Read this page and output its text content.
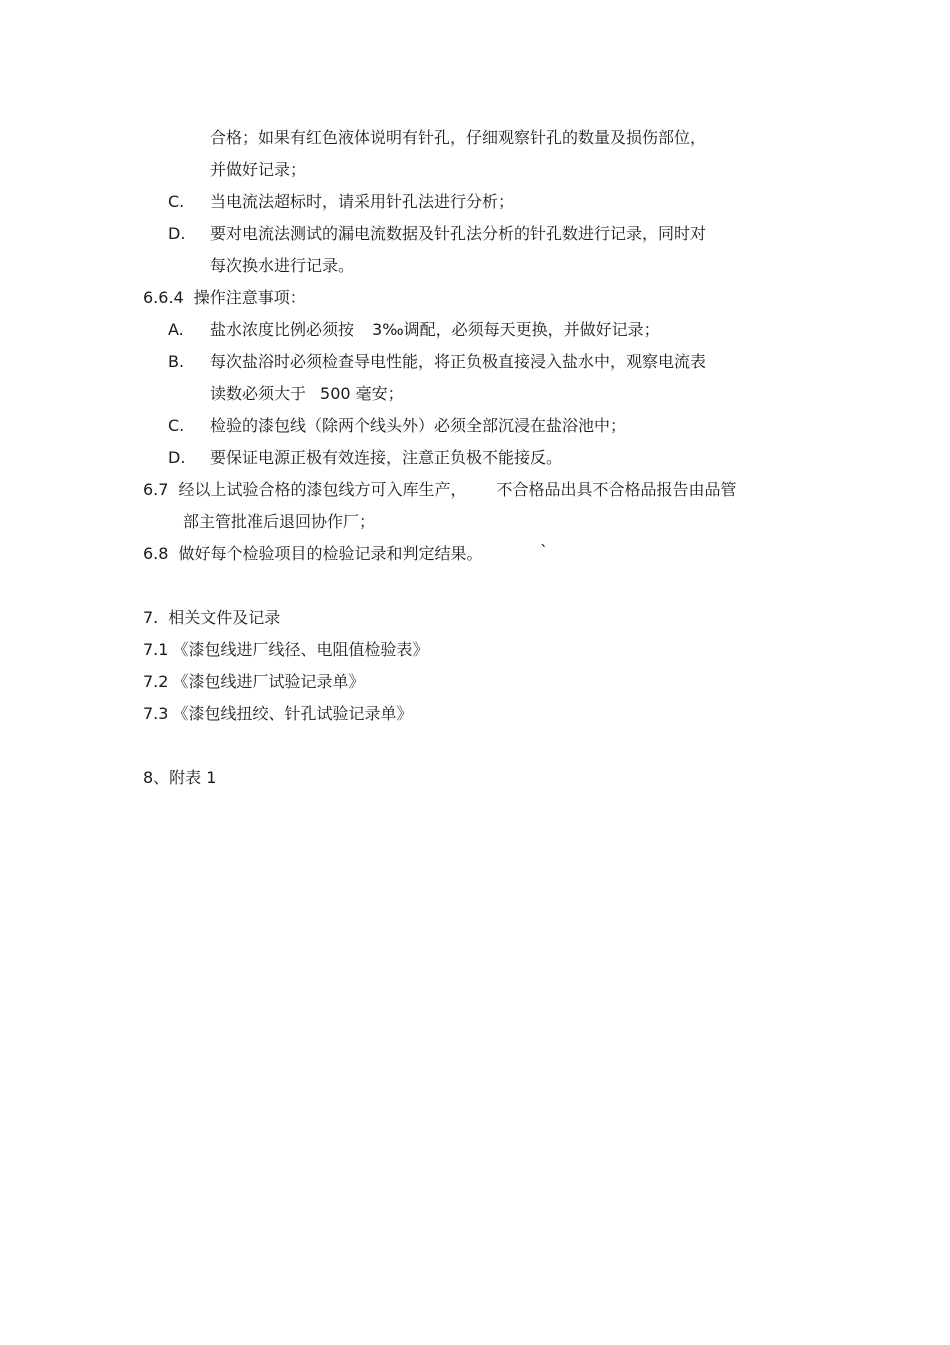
合格；如果有红色液体说明有针孔，仔细观察针孔的数量及损伤部位，
并做好记录；
C. 当电流法超标时，请采用针孔法进行分析；
D. 要对电流法测试的漏电流数据及针孔法分析的针孔数进行记录，同时对
每次换水进行记录。
6.6.4 操作注意事项：
A. 盐水浓度比例必须按 3‰调配，必须每天更换，并做好记录；
B. 每次盐浴时必须检查导电性能，将正负极直接浸入盐水中，观察电流表
读数必须大于 500 毫安；
C. 检验的漆包线（除两个线头外）必须全部沉浸在盐浴池中；
D. 要保证电源正极有效连接，注意正负极不能接反。
6.7 经以上试验合格的漆包线方可入库生产， 不合格品出具不合格品报告由品管
部主管批准后退回协作厂；
6.8 做好每个检验项目的检验记录和判定结果。	`
7. 相关文件及记录
7.1 《漆包线进厂线径、电阻值检验表》
7.2 《漆包线进厂试验记录单》
7.3 《漆包线扭绞、针孔试验记录单》
8、附表 1
